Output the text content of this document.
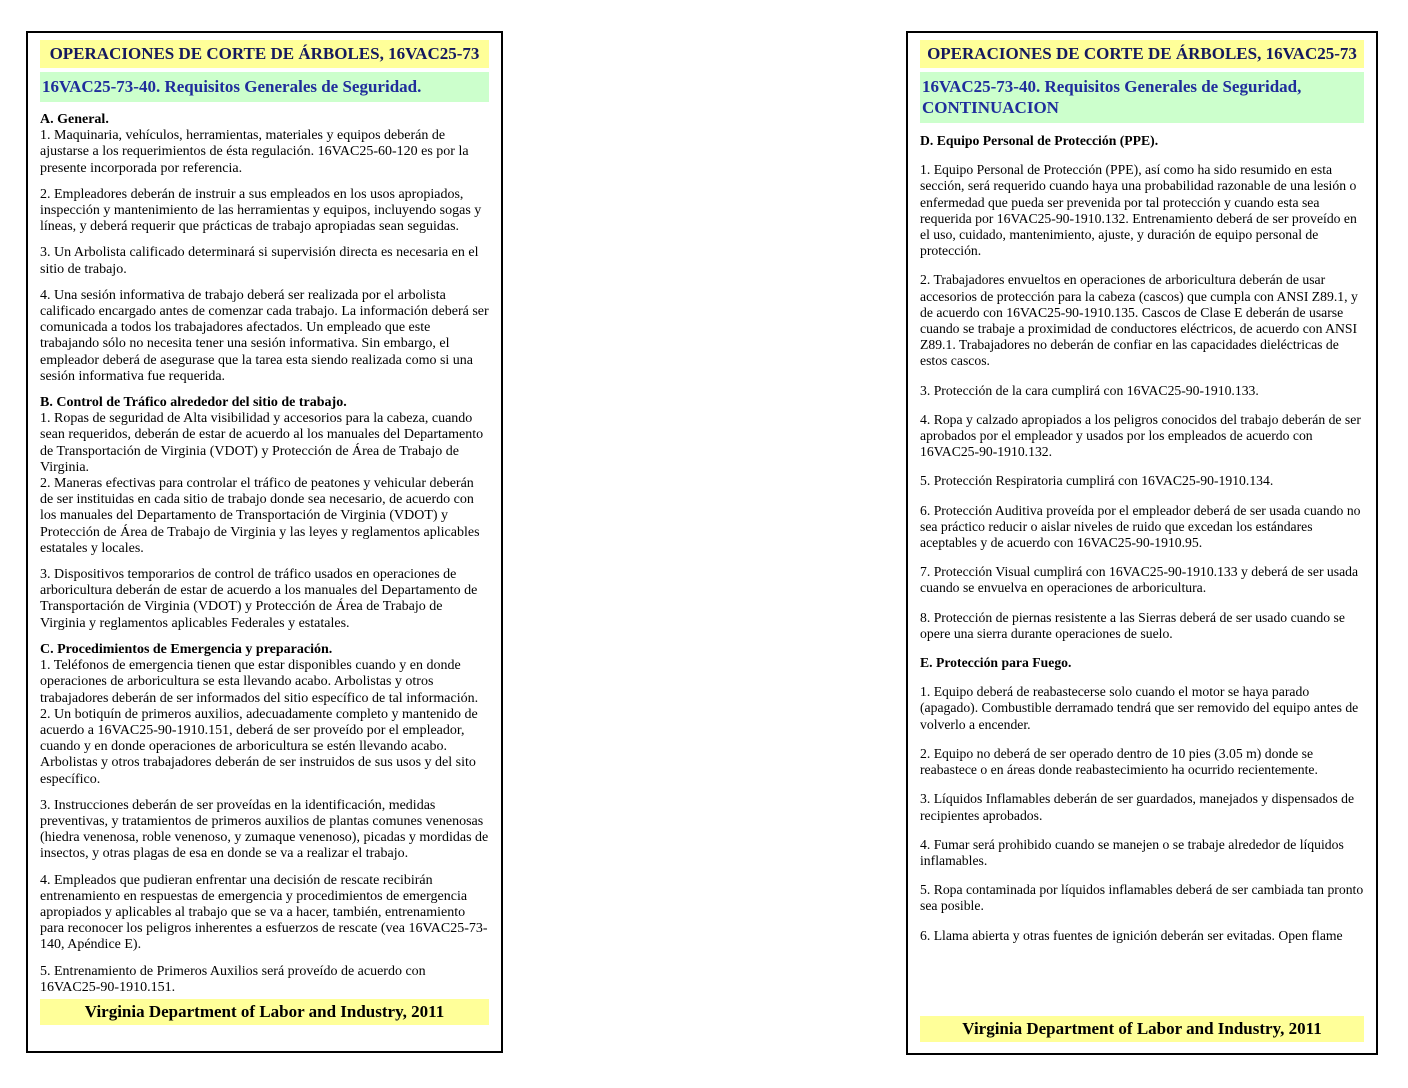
OPERACIONES DE CORTE DE ÁRBOLES, 16VAC25-73
16VAC25-73-40. Requisitos Generales de Seguridad.

A. General.

1. Maquinaria, vehículos, herramientas, materiales y equipos deberán de ajustarse a los requerimientos de ésta regulación. 16VAC25-60-120 es por la presente incorporada por referencia.

2. Empleadores deberán de instruir a sus empleados en los usos apropiados, inspección y mantenimiento de las herramientas y equipos, incluyendo sogas y líneas, y deberá requerir que prácticas de trabajo apropiadas sean seguidas.

3. Un Arbolista calificado determinará si supervisión directa es necesaria en el sitio de trabajo.

4. Una sesión informativa de trabajo deberá ser realizada por el arbolista calificado encargado antes de comenzar cada trabajo. La información deberá ser comunicada a todos los trabajadores afectados. Un empleado que este trabajando sólo no necesita tener una sesión informativa. Sin embargo, el empleador deberá de asegurase que la tarea esta siendo realizada como si una sesión informativa fue requerida.

B. Control de Tráfico alrededor del sitio de trabajo.

1. Ropas de seguridad de Alta visibilidad y accesorios para la cabeza, cuando sean requeridos, deberán de estar de acuerdo al los manuales del Departamento de Transportación de Virginia (VDOT) y Protección de Área de Trabajo de Virginia.

2. Maneras efectivas para controlar el tráfico de peatones y vehicular deberán de ser instituidas en cada sitio de trabajo donde sea necesario, de acuerdo con los manuales del Departamento de Transportación de Virginia (VDOT) y Protección de Área de Trabajo de Virginia y las leyes y reglamentos aplicables estatales y locales.

3. Dispositivos temporarios de control de tráfico usados en operaciones de arboricultura deberán de estar de acuerdo a los manuales del Departamento de Transportación de Virginia (VDOT) y Protección de Área de Trabajo de Virginia y reglamentos aplicables Federales y estatales.

C. Procedimientos de Emergencia y preparación.

1. Teléfonos de emergencia tienen que estar disponibles cuando y en donde operaciones de arboricultura se esta llevando acabo. Arbolistas y otros trabajadores deberán de ser informados del sitio específico de tal información.

2. Un botiquín de primeros auxilios, adecuadamente completo y mantenido de acuerdo a 16VAC25-90-1910.151, deberá de ser proveído por el empleador, cuando y en donde operaciones de arboricultura se estén llevando acabo. Arbolistas y otros trabajadores deberán de ser instruidos de sus usos y del sito específico.

3. Instrucciones deberán de ser proveídas en la identificación, medidas preventivas, y tratamientos de primeros auxilios de plantas comunes venenosas (hiedra venenosa, roble venenoso, y zumaque venenoso), picadas y mordidas de insectos, y otras plagas de esa en donde se va a realizar el trabajo.

4. Empleados que pudieran enfrentar una decisión de rescate recibirán entrenamiento en respuestas de emergencia y procedimientos de emergencia apropiados y aplicables al trabajo que se va a hacer, también, entrenamiento para reconocer los peligros inherentes a esfuerzos de rescate (vea 16VAC25-73-140, Apéndice E).

5. Entrenamiento de Primeros Auxilios será proveído de acuerdo con 16VAC25-90-1910.151.

Virginia Department of Labor and Industry, 2011
OPERACIONES DE CORTE DE ÁRBOLES, 16VAC25-73
16VAC25-73-40. Requisitos Generales de Seguridad, CONTINUACION

D. Equipo Personal de Protección (PPE).

1. Equipo Personal de Protección (PPE), así como ha sido resumido en esta sección, será requerido cuando haya una probabilidad razonable de una lesión o enfermedad que pueda ser prevenida por tal protección y cuando esta sea requerida por 16VAC25-90-1910.132. Entrenamiento deberá de ser proveído en el uso, cuidado, mantenimiento, ajuste, y duración de equipo personal de protección.

2. Trabajadores envueltos en operaciones de arboricultura deberán de usar accesorios de protección para la cabeza (cascos) que cumpla con ANSI Z89.1, y de acuerdo con 16VAC25-90-1910.135. Cascos de Clase E deberán de usarse cuando se trabaje a proximidad de conductores eléctricos, de acuerdo con ANSI Z89.1. Trabajadores no deberán de confiar en las capacidades dieléctricas de estos cascos.

3. Protección de la cara cumplirá con 16VAC25-90-1910.133.

4. Ropa y calzado apropiados a los peligros conocidos del trabajo deberán de ser aprobados por el empleador y usados por los empleados de acuerdo con 16VAC25-90-1910.132.

5. Protección Respiratoria cumplirá con 16VAC25-90-1910.134.

6. Protección Auditiva proveída por el empleador deberá de ser usada cuando no sea práctico reducir o aislar niveles de ruido que excedan los estándares aceptables y de acuerdo con 16VAC25-90-1910.95.

7. Protección Visual cumplirá con 16VAC25-90-1910.133 y deberá de ser usada cuando se envuelva en operaciones de arboricultura.

8. Protección de piernas resistente a las Sierras deberá de ser usado cuando se opere una sierra durante operaciones de suelo.

E. Protección para Fuego.

1. Equipo deberá de reabastecerse solo cuando el motor se haya parado (apagado). Combustible derramado tendrá que ser removido del equipo antes de volverlo a encender.

2. Equipo no deberá de ser operado dentro de 10 pies (3.05 m) donde se reabastece o en áreas donde reabastecimiento ha ocurrido recientemente.

3. Líquidos Inflamables deberán de ser guardados, manejados y dispensados de recipientes aprobados.

4. Fumar será prohibido cuando se manejen o se trabaje alrededor de líquidos inflamables.

5. Ropa contaminada por líquidos inflamables deberá de ser cambiada tan pronto sea posible.

6. Llama abierta y otras fuentes de ignición deberán ser evitadas. Open flame

Virginia Department of Labor and Industry, 2011
